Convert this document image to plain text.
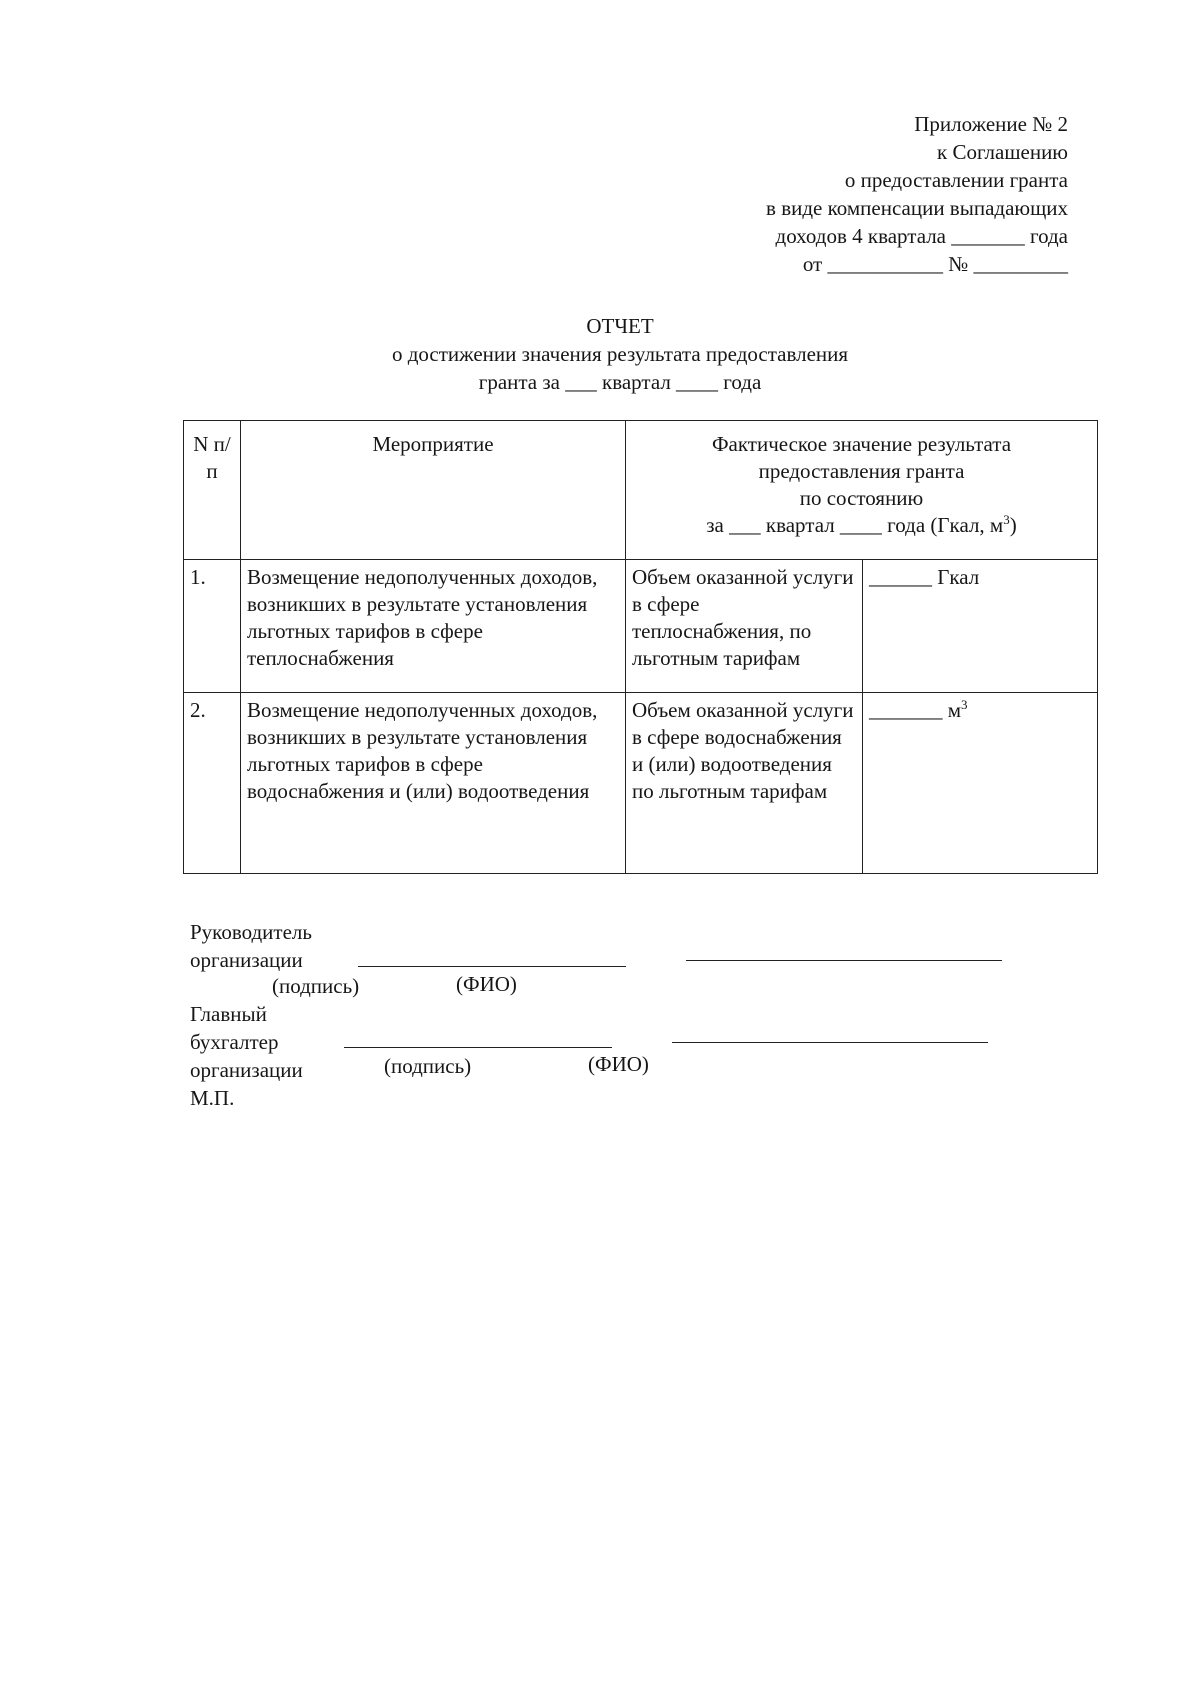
Приложение № 2
к Соглашению
о предоставлении гранта
в виде компенсации выпадающих
доходов 4 квартала _______ года
от ___________ № _________
ОТЧЕТ
о достижении значения результата предоставления
гранта за ___ квартал ____ года
N п/п	Мероприятие	Фактическое значение результата
предоставления гранта
по состоянию
за ___ квартал ____ года (Гкал, $м^3$)	

1.	Возмещение недополученных доходов, возникших в результате установления льготных тарифов в сфере теплоснабжения	Объем оказанной услуги в сфере теплоснабжения, по льготным тарифам	______ Гкал
2.	Возмещение недополученных доходов, возникших в результате установления льготных тарифов в сфере водоснабжения и (или) водоотведения	Объем оказанной услуги в сфере водоснабжения и (или) водоотведения по льготным тарифам	_______ $м^3$
Руководитель
организации
(подпись)	(ФИО)
Главный
бухгалтер
организации	(подпись)	(ФИО)
М.П.
